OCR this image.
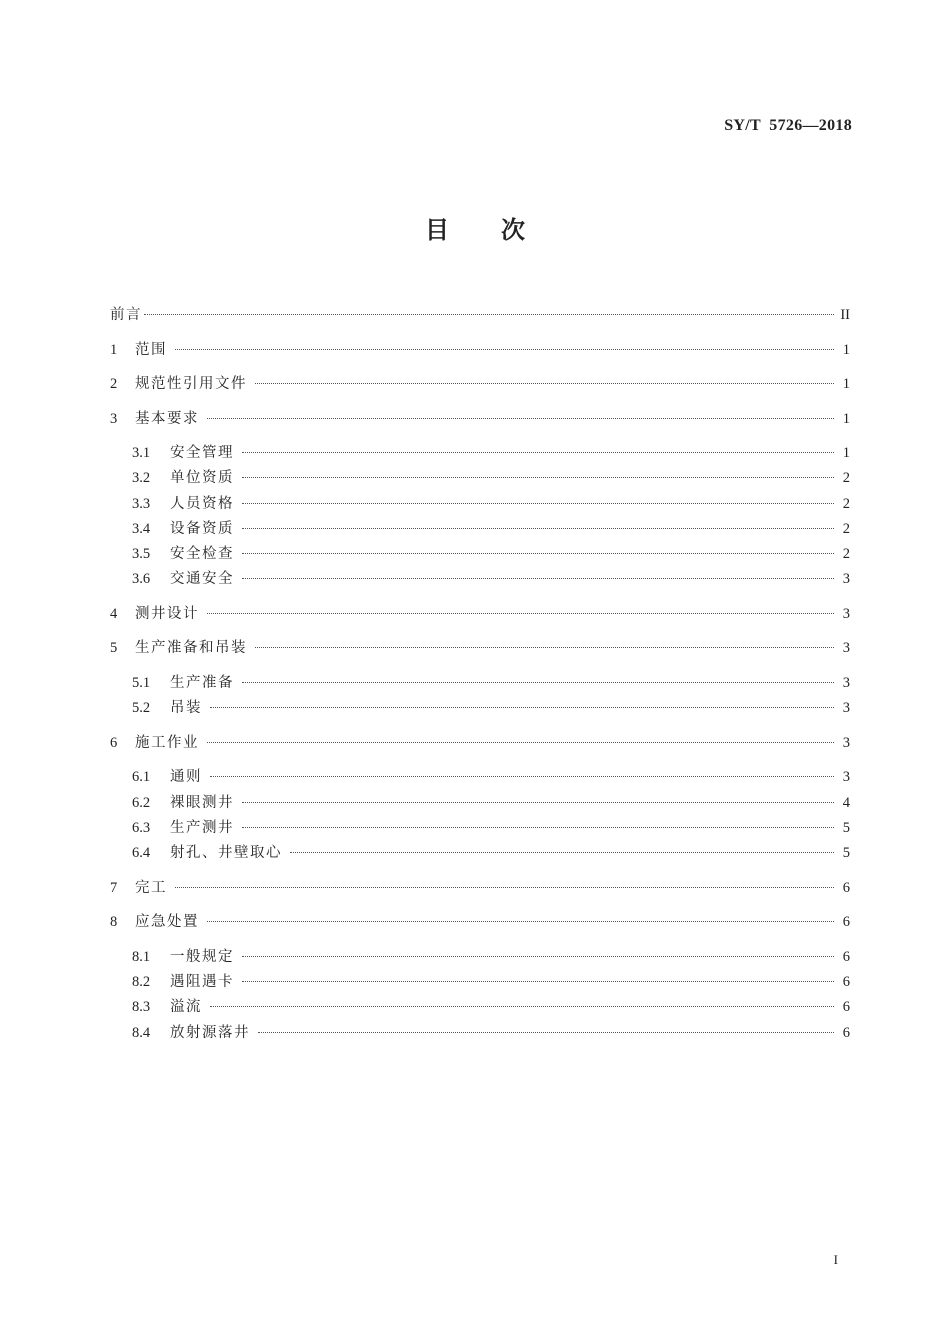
SY/T  5726—2018
目次
前言	II
1	范围	1
2	规范性引用文件	1
3	基本要求	1
3.1	安全管理	1
3.2	单位资质	2
3.3	人员资格	2
3.4	设备资质	2
3.5	安全检查	2
3.6	交通安全	3
4	测井设计	3
5	生产准备和吊装	3
5.1	生产准备	3
5.2	吊装	3
6	施工作业	3
6.1	通则	3
6.2	裸眼测井	4
6.3	生产测井	5
6.4	射孔、井壁取心	5
7	完工	6
8	应急处置	6
8.1	一般规定	6
8.2	遇阻遇卡	6
8.3	溢流	6
8.4	放射源落井	6
I
